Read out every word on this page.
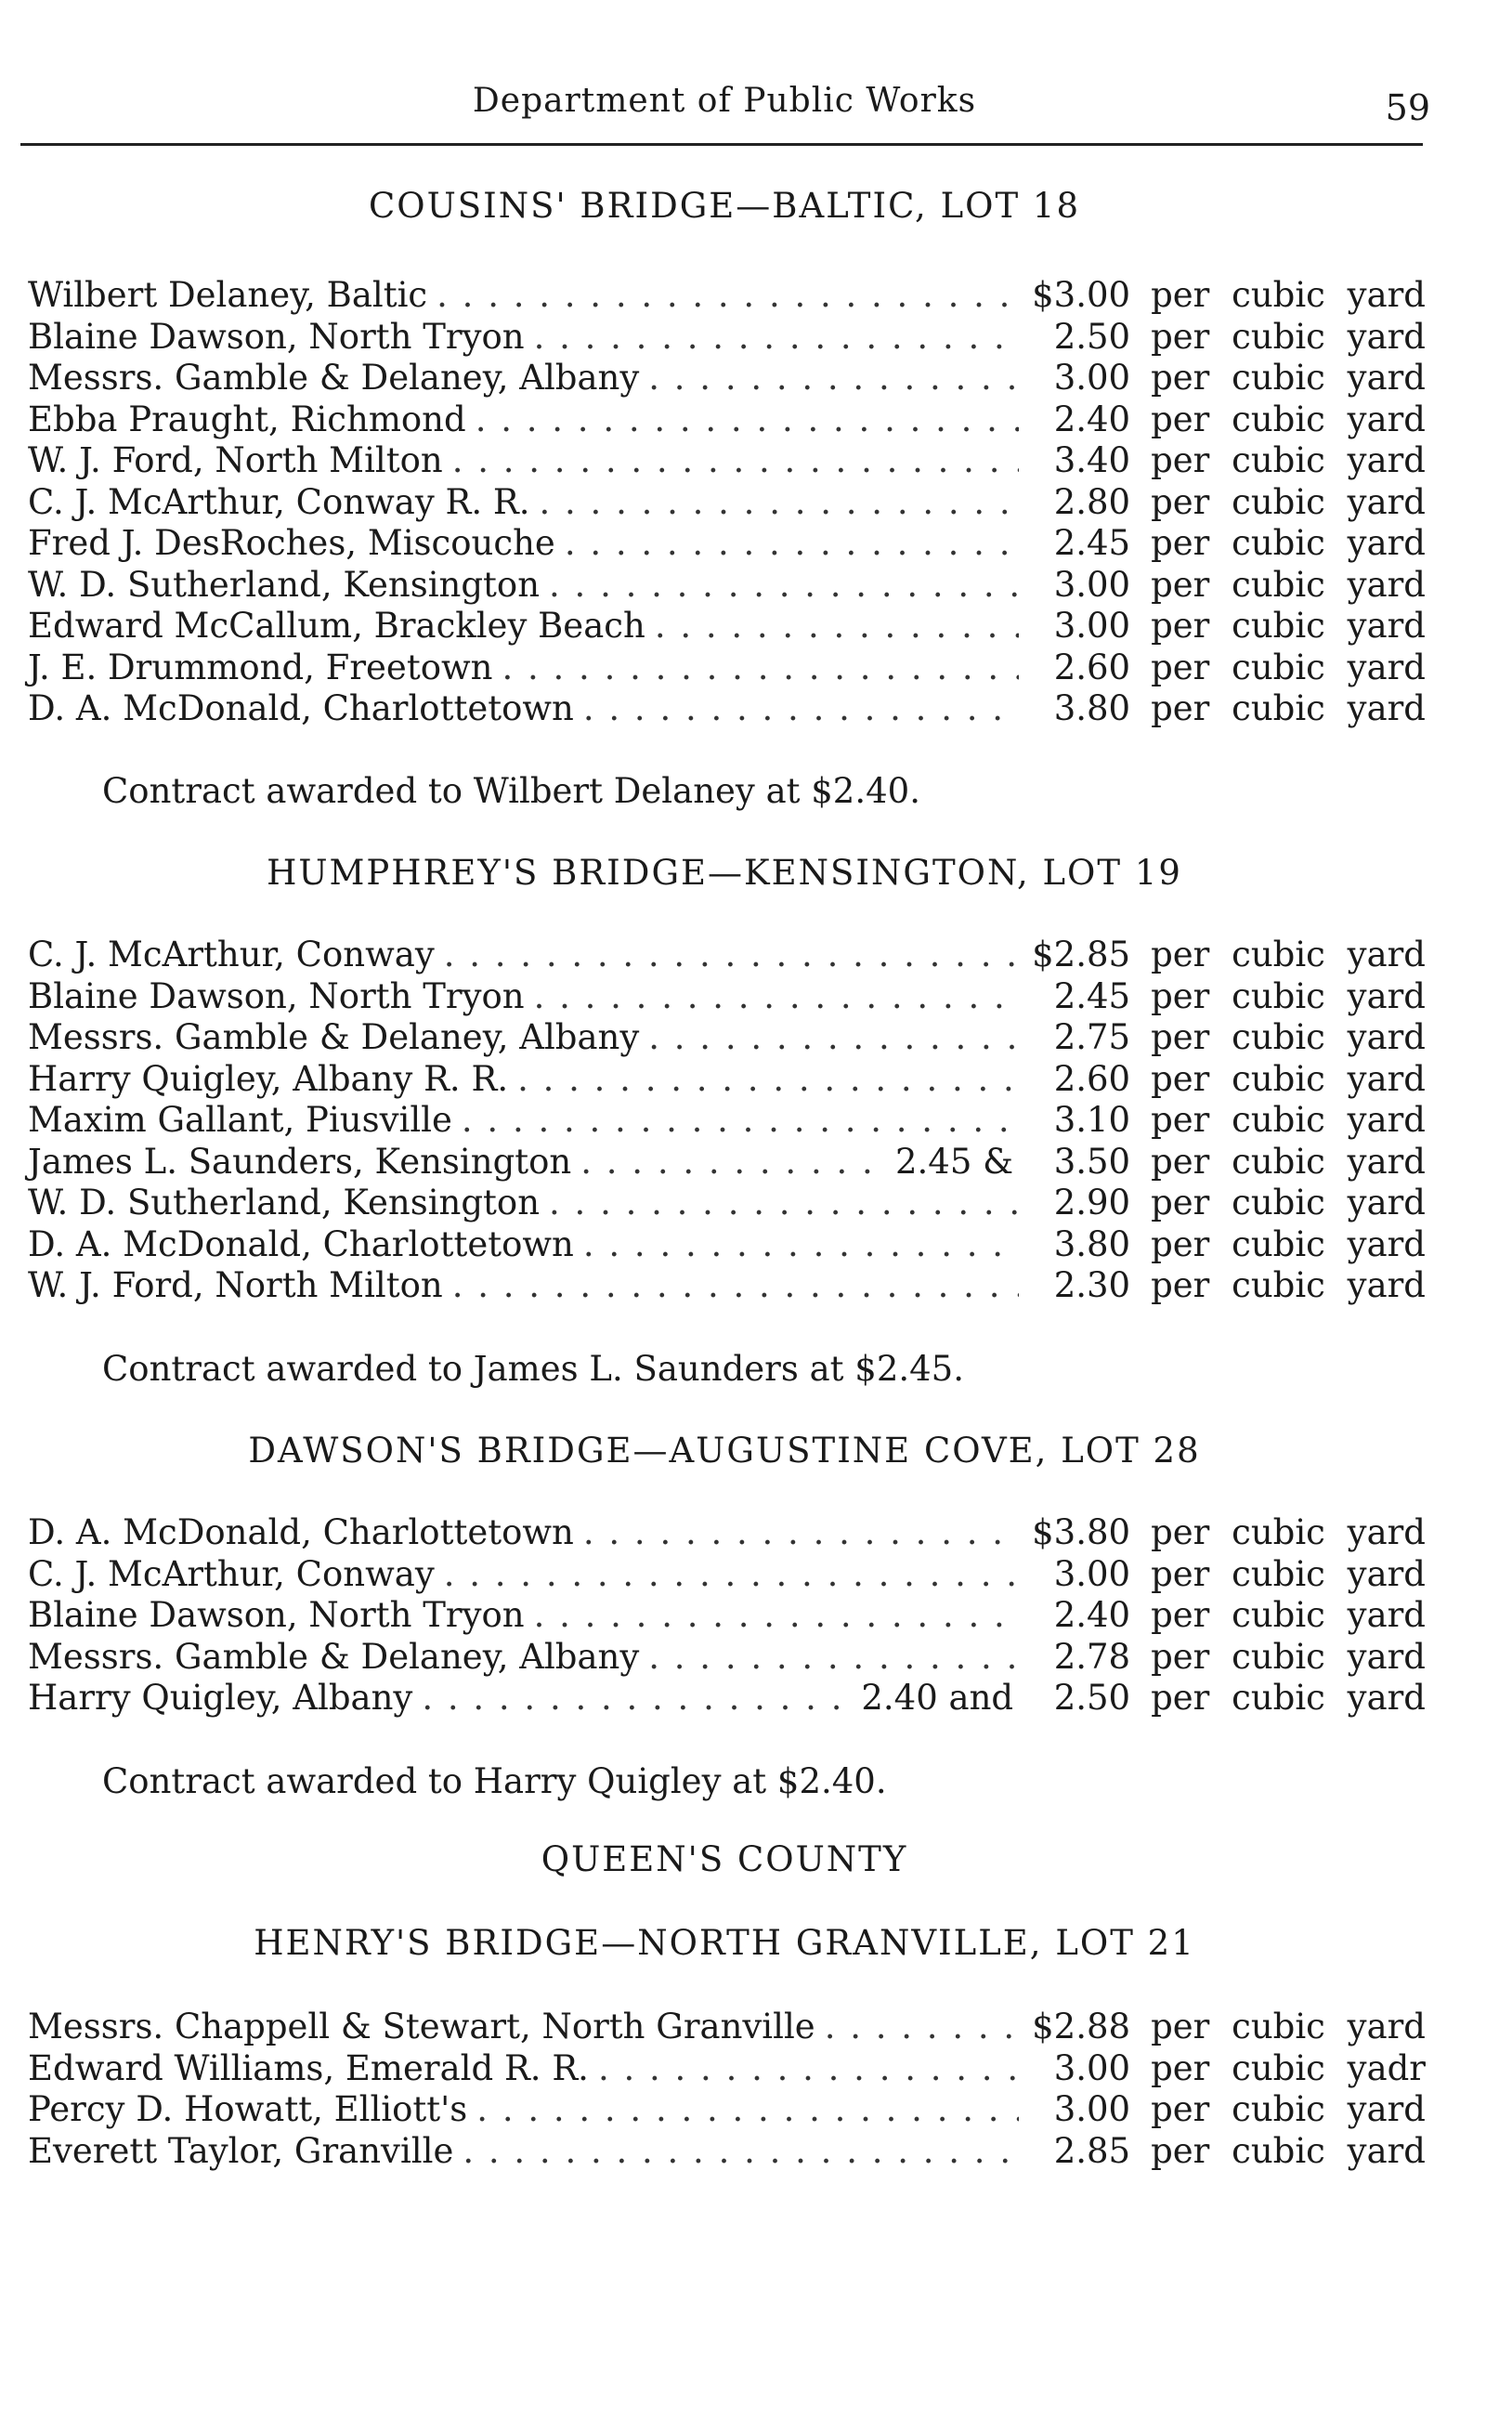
Department of Public Works	59
COUSINS' BRIDGE—BALTIC, LOT 18
Wilbert Delaney, Baltic . . .	$3.00 per cubic yard
Blaine Dawson, North Tryon . . .	2.50 per cubic yard
Messrs. Gamble & Delaney, Albany . . .	3.00 per cubic yard
Ebba Praught, Richmond . . .	2.40 per cubic yard
W. J. Ford, North Milton . . .	3.40 per cubic yard
C. J. McArthur, Conway R. R. . . .	2.80 per cubic yard
Fred J. DesRoches, Miscouche . . .	2.45 per cubic yard
W. D. Sutherland, Kensington . . .	3.00 per cubic yard
Edward McCallum, Brackley Beach . . .	3.00 per cubic yard
J. E. Drummond, Freetown . . .	2.60 per cubic yard
D. A. McDonald, Charlottetown . . .	3.80 per cubic yard
Contract awarded to Wilbert Delaney at $2.40.
HUMPHREY'S BRIDGE—KENSINGTON, LOT 19
C. J. McArthur, Conway . . .	$2.85 per cubic yard
Blaine Dawson, North Tryon . . .	2.45 per cubic yard
Messrs. Gamble & Delaney, Albany . . .	2.75 per cubic yard
Harry Quigley, Albany R. R. . . .	2.60 per cubic yard
Maxim Gallant, Piusville . . .	3.10 per cubic yard
James L. Saunders, Kensington . . .	2.45 &	3.50 per cubic yard
W. D. Sutherland, Kensington . . .	2.90 per cubic yard
D. A. McDonald, Charlottetown . . .	3.80 per cubic yard
W. J. Ford, North Milton . . .	2.30 per cubic yard
Contract awarded to James L. Saunders at $2.45.
DAWSON'S BRIDGE—AUGUSTINE COVE, LOT 28
D. A. McDonald, Charlottetown . . .	$3.80 per cubic yard
C. J. McArthur, Conway . . .	3.00 per cubic yard
Blaine Dawson, North Tryon . . .	2.40 per cubic yard
Messrs. Gamble & Delaney, Albany . . .	2.78 per cubic yard
Harry Quigley, Albany . . .	2.40 and	2.50 per cubic yard
Contract awarded to Harry Quigley at $2.40.
QUEEN'S COUNTY
HENRY'S BRIDGE—NORTH GRANVILLE, LOT 21
Messrs. Chappell & Stewart, North Granville . . .	$2.88 per cubic yard
Edward Williams, Emerald R. R. . . .	3.00 per cubic yadr
Percy D. Howatt, Elliott's . . .	3.00 per cubic yard
Everett Taylor, Granville . . .	2.85 per cubic yard
